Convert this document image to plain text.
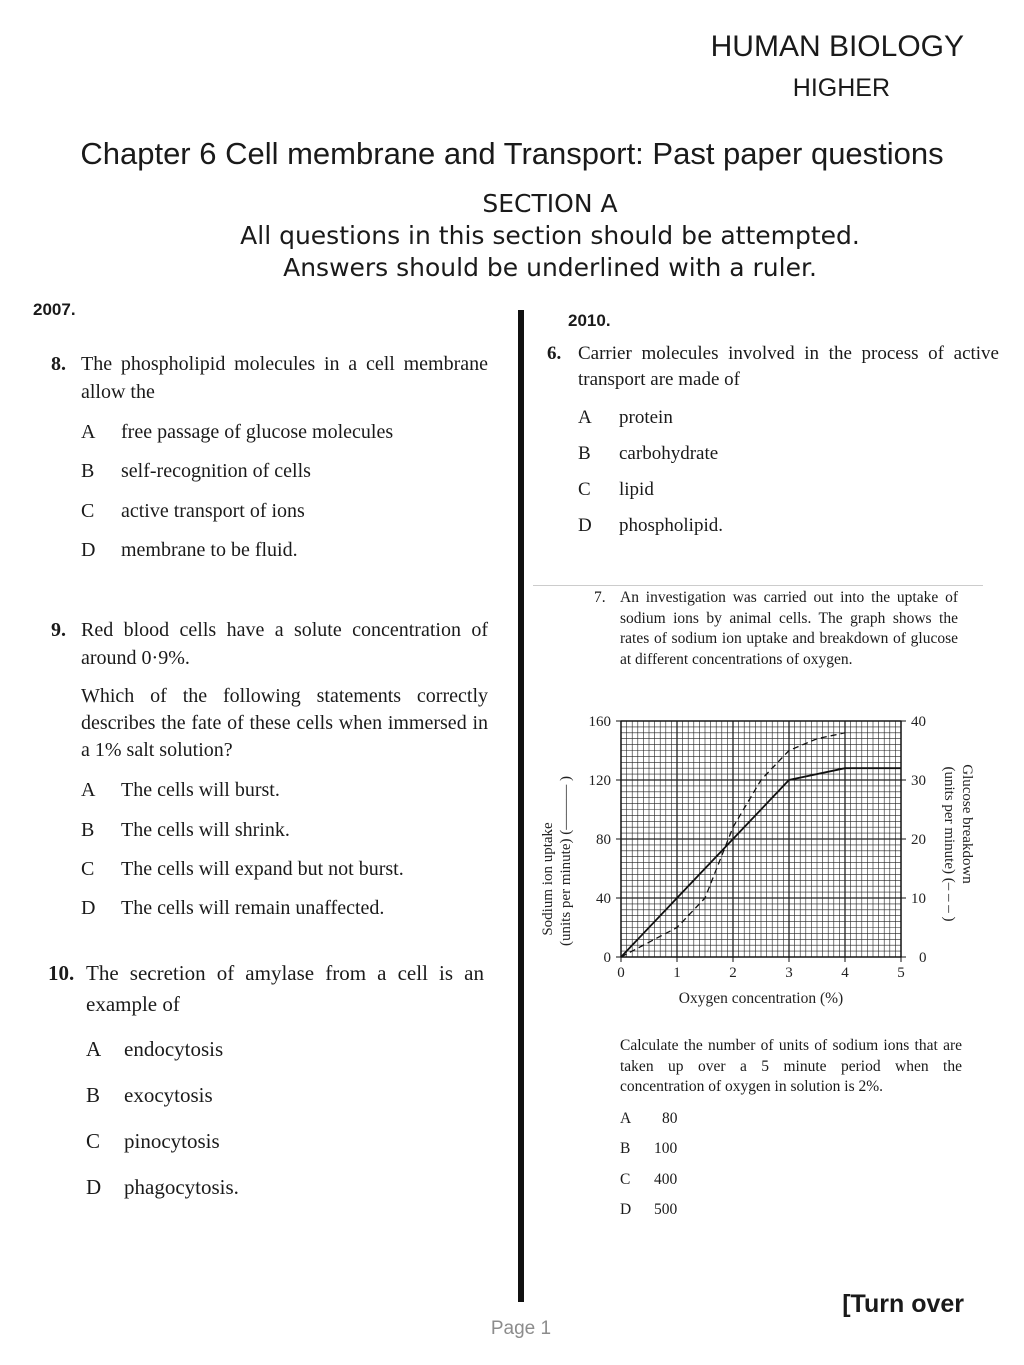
HUMAN BIOLOGY
HIGHER
Chapter 6 Cell membrane and Transport: Past paper questions
SECTION A
All questions in this section should be attempted.
Answers should be underlined with a ruler.
2007.
2010.
8. The phospholipid molecules in a cell membrane allow the
A free passage of glucose molecules
B self-recognition of cells
C active transport of ions
D membrane to be fluid.
9. Red blood cells have a solute concentration of around 0·9%.
Which of the following statements correctly describes the fate of these cells when immersed in a 1% salt solution?
A The cells will burst.
B The cells will shrink.
C The cells will expand but not burst.
D The cells will remain unaffected.
10. The secretion of amylase from a cell is an example of
A endocytosis
B exocytosis
C pinocytosis
D phagocytosis.
6. Carrier molecules involved in the process of active transport are made of
A protein
B carbohydrate
C lipid
D phospholipid.
7. An investigation was carried out into the uptake of sodium ions by animal cells. The graph shows the rates of sodium ion uptake and breakdown of glucose at different concentrations of oxygen.
0	1	2	3	4	5
0
40
80
120
160
0
10
20
30
40
Oxygen concentration (%)
Sodium ion uptake (units per minute) (——— )	Glucose breakdown
(units per minute) (– – – )
Calculate the number of units of sodium ions that are taken up over a 5 minute period when the concentration of oxygen in solution is 2%.
A 80
B 100
C 400
D 500
[Turn over
Page 1
